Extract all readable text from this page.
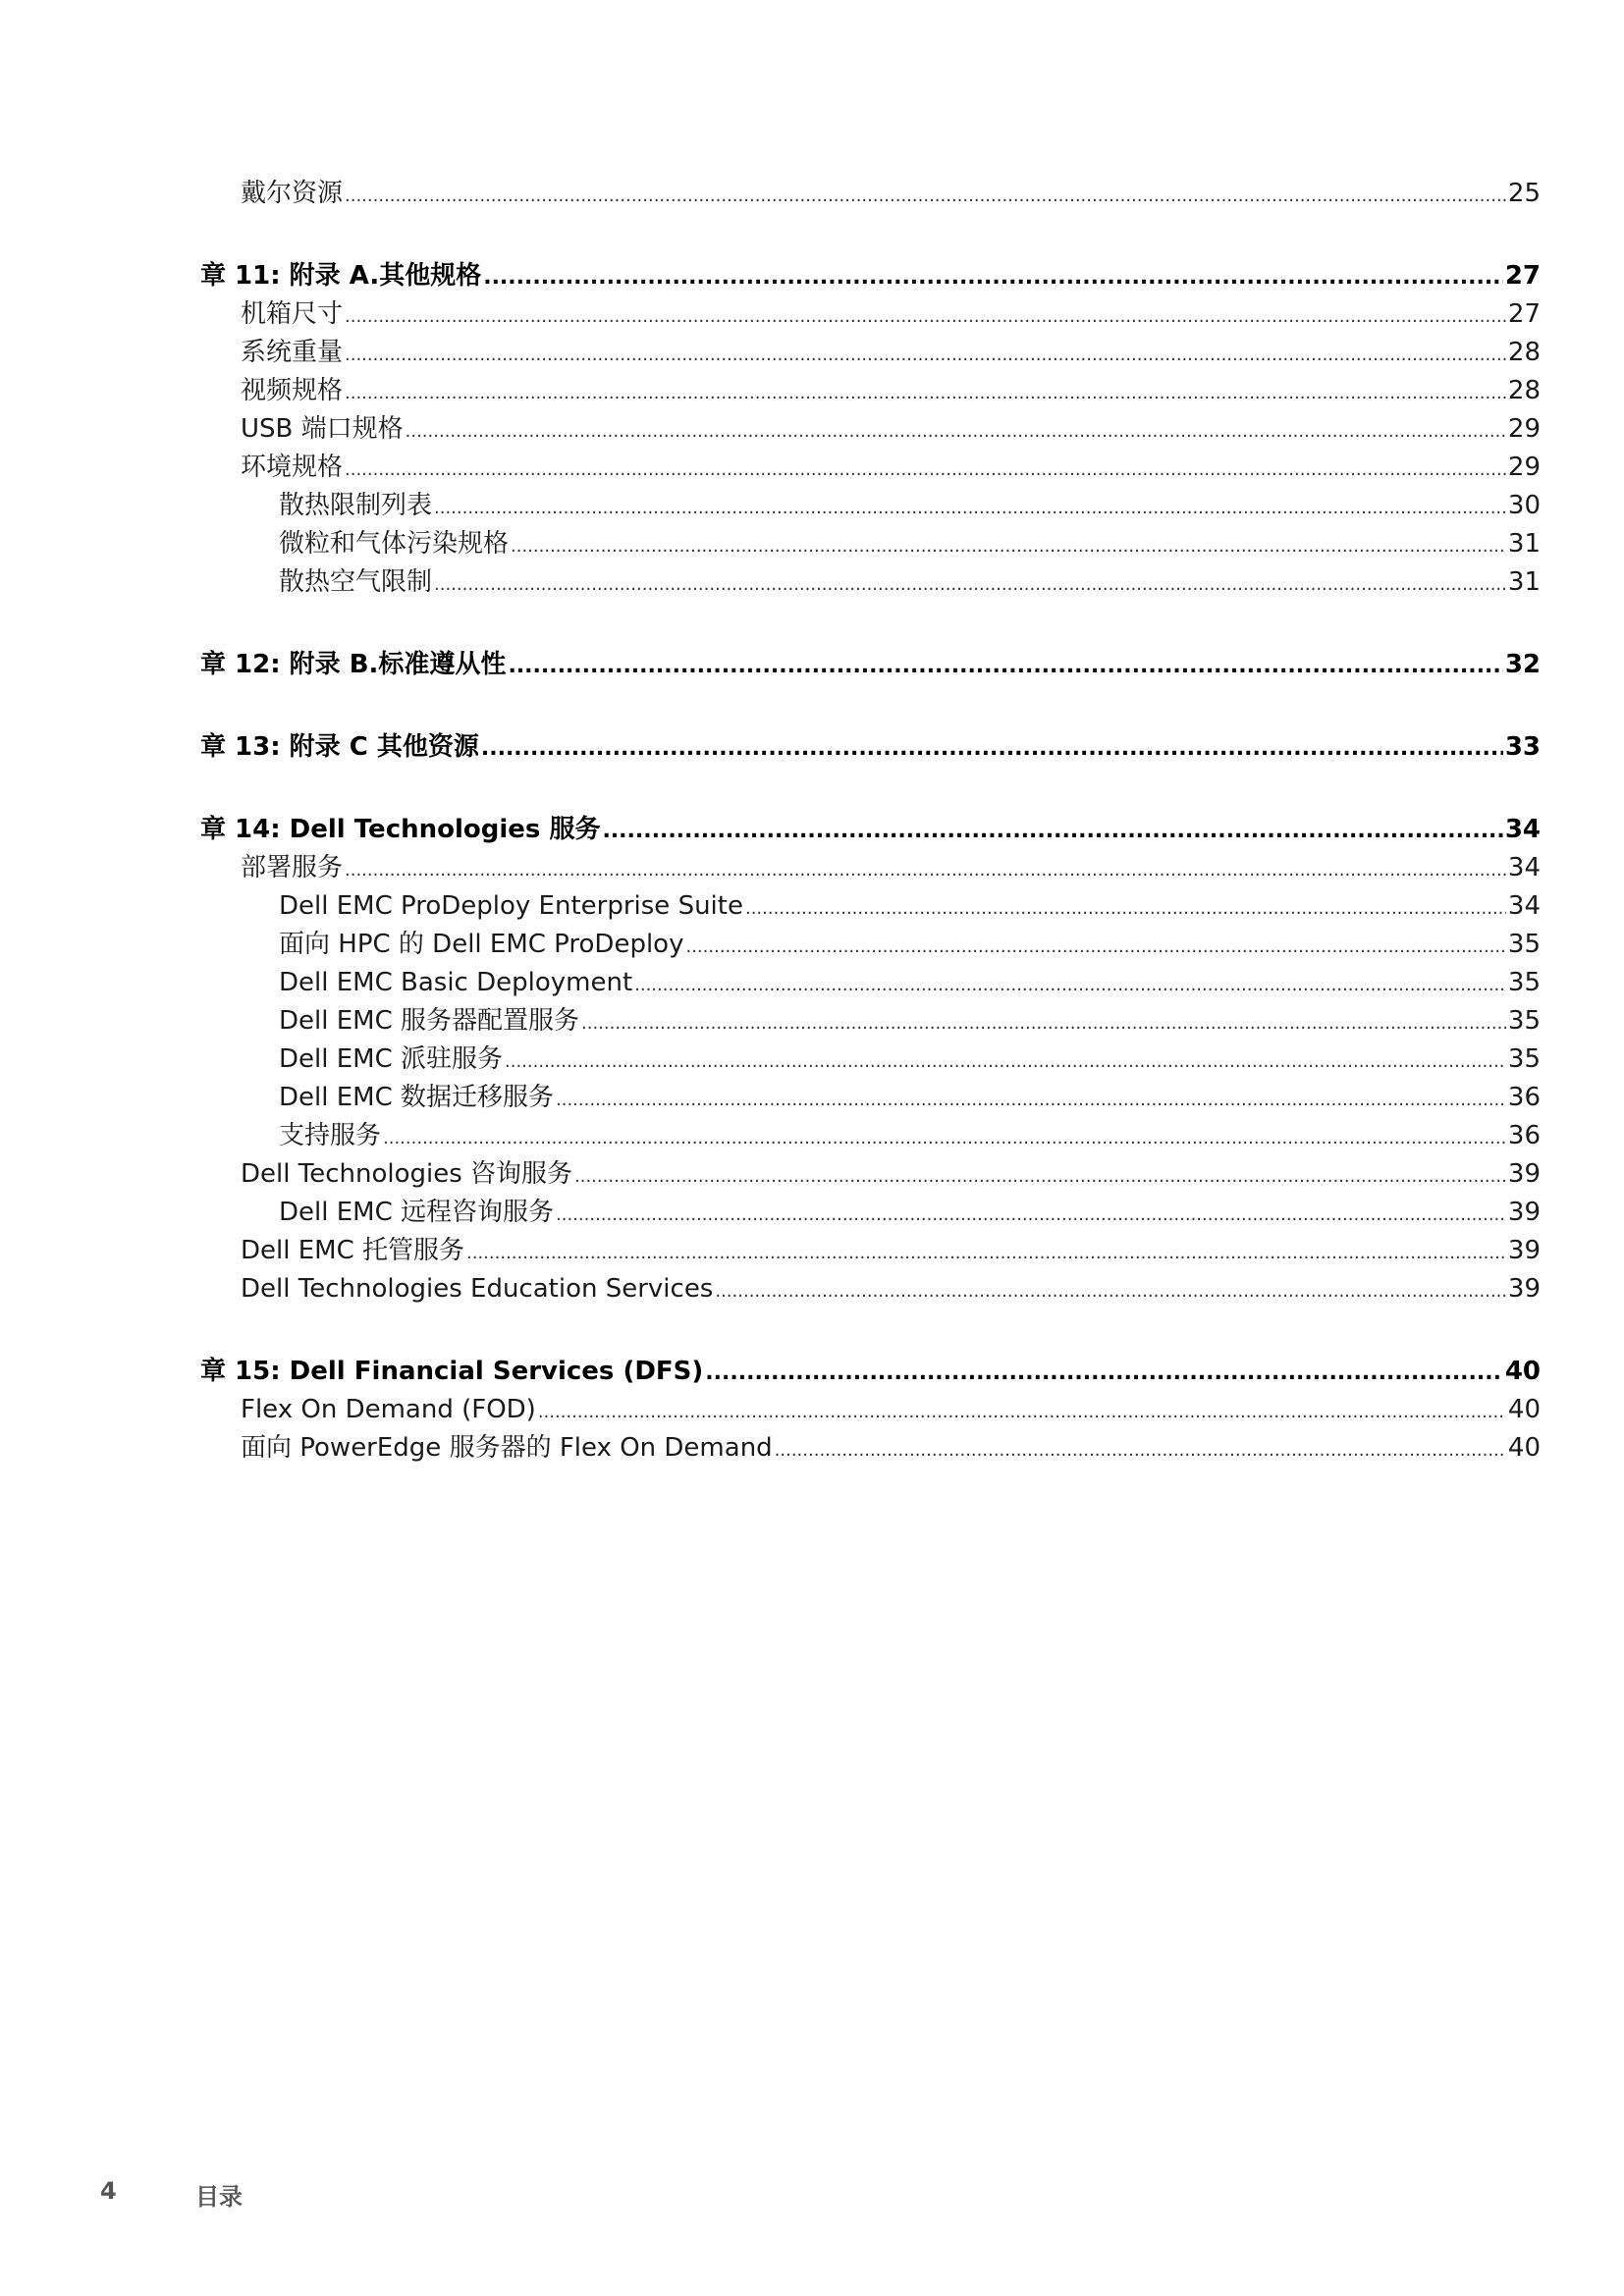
戴尔资源 .....	25
章 11: 附录 A.其他规格 .....	27
机箱尺寸 .....	27
系统重量 .....	28
视频规格 .....	28
USB 端口规格 .....	29
环境规格 .....	29
散热限制列表 .....	30
微粒和气体污染规格 .....	31
散热空气限制 .....	31
章 12: 附录 B.标准遵从性 .....	32
章 13: 附录 C 其他资源 .....	33
章 14: Dell Technologies 服务 .....	34
部署服务 .....	34
Dell EMC ProDeploy Enterprise Suite .....	34
面向 HPC 的 Dell EMC ProDeploy .....	35
Dell EMC Basic Deployment .....	35
Dell EMC 服务器配置服务 .....	35
Dell EMC 派驻服务 .....	35
Dell EMC 数据迁移服务 .....	36
支持服务 .....	36
Dell Technologies 咨询服务 .....	39
Dell EMC 远程咨询服务 .....	39
Dell EMC 托管服务 .....	39
Dell Technologies Education Services .....	39
章 15: Dell Financial Services (DFS) .....	40
Flex On Demand (FOD) .....	40
面向 PowerEdge 服务器的 Flex On Demand .....	40
4	目录
